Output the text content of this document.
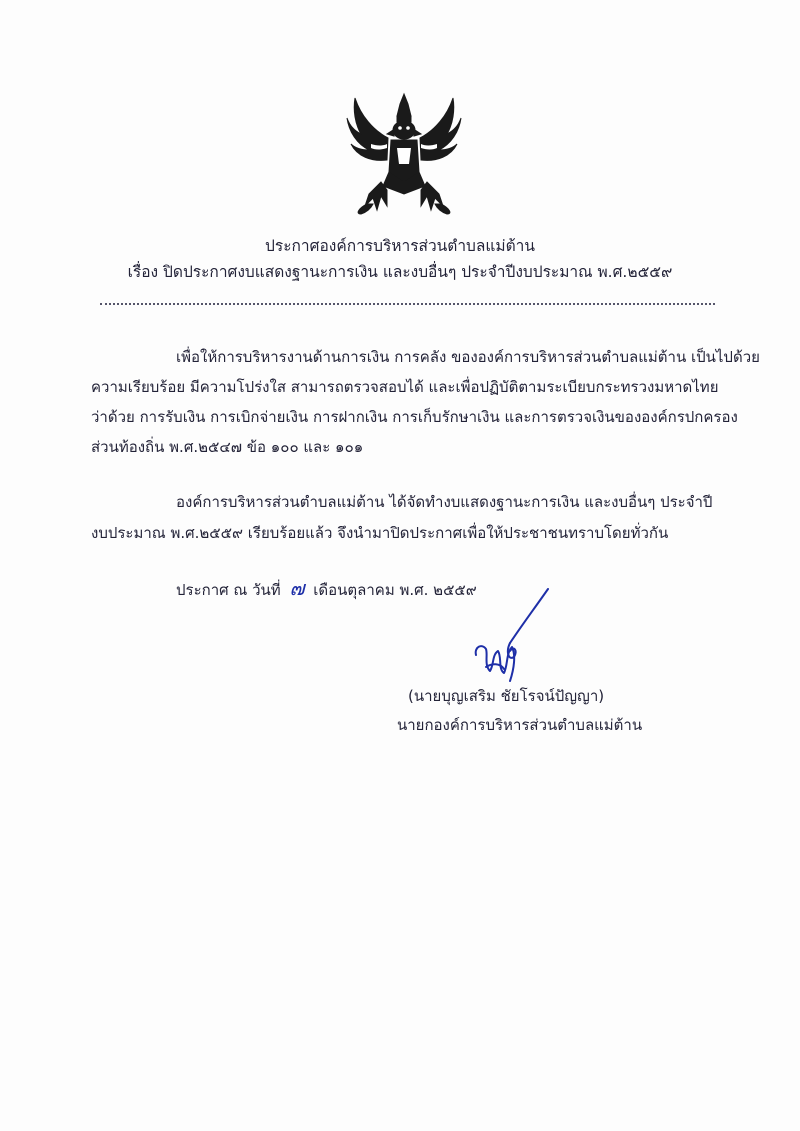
ประกาศองค์การบริหารส่วนตำบลแม่ต้าน
เรื่อง ปิดประกาศงบแสดงฐานะการเงิน และงบอื่นๆ ประจำปีงบประมาณ พ.ศ.๒๕๕๙
เพื่อให้การบริหารงานด้านการเงิน การคลัง ขององค์การบริหารส่วนตำบลแม่ต้าน เป็นไปด้วย
ความเรียบร้อย มีความโปร่งใส สามารถตรวจสอบได้ และเพื่อปฏิบัติตามระเบียบกระทรวงมหาดไทย
ว่าด้วย การรับเงิน การเบิกจ่ายเงิน การฝากเงิน การเก็บรักษาเงิน และการตรวจเงินขององค์กรปกครอง
ส่วนท้องถิ่น พ.ศ.๒๕๔๗ ข้อ ๑๐๐ และ ๑๐๑
องค์การบริหารส่วนตำบลแม่ต้าน ได้จัดทำงบแสดงฐานะการเงิน และงบอื่นๆ ประจำปี
งบประมาณ พ.ศ.๒๕๕๙ เรียบร้อยแล้ว จึงนำมาปิดประกาศเพื่อให้ประชาชนทราบโดยทั่วกัน
ประกาศ ณ วันที่ ๗ เดือนตุลาคม พ.ศ. ๒๕๕๙
(นายบุญเสริม ชัยโรจน์ปัญญา)
นายกองค์การบริหารส่วนตำบลแม่ต้าน
